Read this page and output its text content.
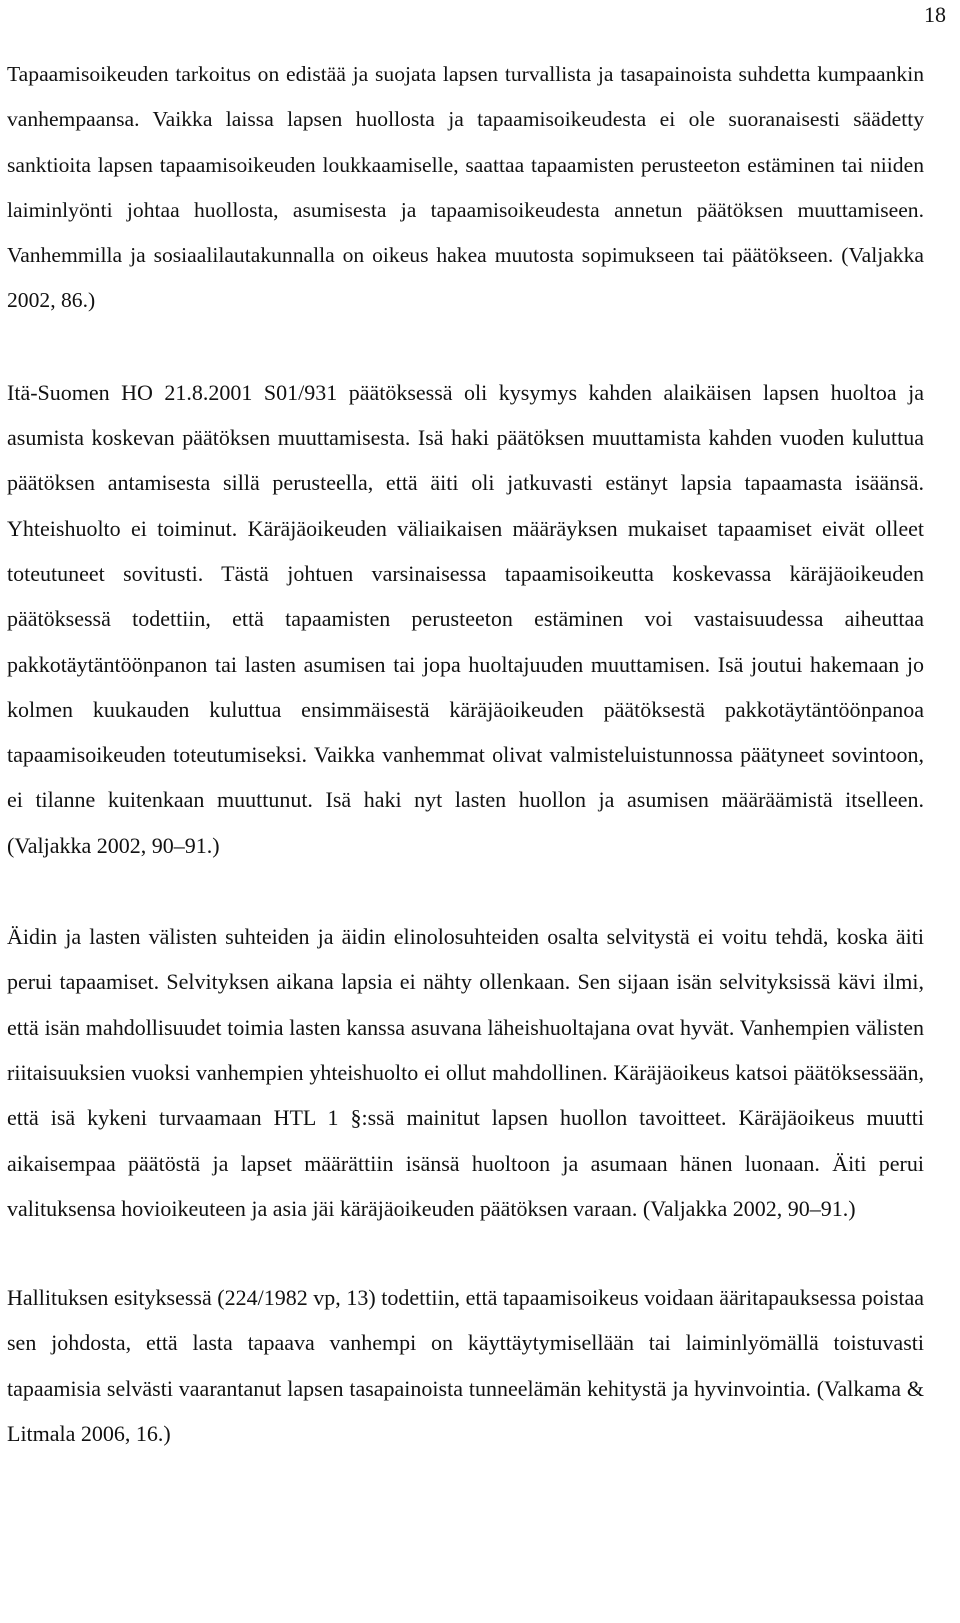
18

Tapaamisoikeuden tarkoitus on edistää ja suojata lapsen turvallista ja tasapainoista suhdetta kumpaankin vanhempaansa. Vaikka laissa lapsen huollosta ja tapaamisoikeudesta ei ole suoranaisesti säädetty sanktioita lapsen tapaamisoikeuden loukkaamiselle, saattaa tapaamisten perusteeton estäminen tai niiden laiminlyönti johtaa huollosta, asumisesta ja tapaamisoikeudesta annetun päätöksen muuttamiseen. Vanhemmilla ja sosiaalilautakunnalla on oikeus hakea muutosta sopimukseen tai päätökseen. (Valjakka 2002, 86.)

Itä-Suomen HO 21.8.2001 S01/931 päätöksessä oli kysymys kahden alaikäisen lapsen huoltoa ja asumista koskevan päätöksen muuttamisesta. Isä haki päätöksen muuttamista kahden vuoden kuluttua päätöksen antamisesta sillä perusteella, että äiti oli jatkuvasti estänyt lapsia tapaamasta isäänsä. Yhteishuolto ei toiminut. Käräjäoikeuden väliaikaisen määräyksen mukaiset tapaamiset eivät olleet toteutuneet sovitusti. Tästä johtuen varsinaisessa tapaamisoikeutta koskevassa käräjäoikeuden päätöksessä todettiin, että tapaamisten perusteeton estäminen voi vastaisuudessa aiheuttaa pakkotäytäntöönpanon tai lasten asumisen tai jopa huoltajuuden muuttamisen. Isä joutui hakemaan jo kolmen kuukauden kuluttua ensimmäisestä käräjäoikeuden päätöksestä pakkotäytäntöönpanoa tapaamisoikeuden toteutumiseksi. Vaikka vanhemmat olivat valmisteluistunnossa päätyneet sovintoon, ei tilanne kuitenkaan muuttunut. Isä haki nyt lasten huollon ja asumisen määräämistä itselleen. (Valjakka 2002, 90–91.)

Äidin ja lasten välisten suhteiden ja äidin elinolosuhteiden osalta selvitystä ei voitu tehdä, koska äiti perui tapaamiset. Selvityksen aikana lapsia ei nähty ollenkaan. Sen sijaan isän selvityksissä kävi ilmi, että isän mahdollisuudet toimia lasten kanssa asuvana läheishuoltajana ovat hyvät. Vanhempien välisten riitaisuuksien vuoksi vanhempien yhteishuolto ei ollut mahdollinen. Käräjäoikeus katsoi päätöksessään, että isä kykeni turvaamaan HTL 1 §:ssä mainitut lapsen huollon tavoitteet. Käräjäoikeus muutti aikaisempaa päätöstä ja lapset määrättiin isänsä huoltoon ja asumaan hänen luonaan. Äiti perui valituksensa hovioikeuteen ja asia jäi käräjäoikeuden päätöksen varaan. (Valjakka 2002, 90–91.)

Hallituksen esityksessä (224/1982 vp, 13) todettiin, että tapaamisoikeus voidaan ääritapauksessa poistaa sen johdosta, että lasta tapaava vanhempi on käyttäytymisellään tai laiminlyömällä toistuvasti tapaamisia selvästi vaarantanut lapsen tasapainoista tunneelämän kehitystä ja hyvinvointia. (Valkama & Litmala 2006, 16.)
